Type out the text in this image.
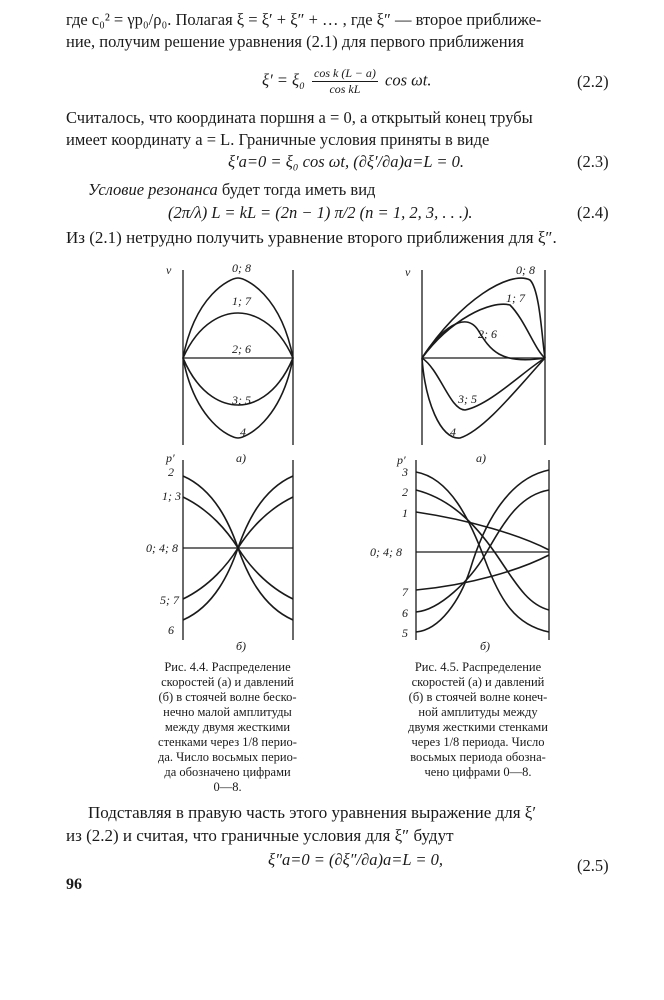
где c₀² = γp₀/ρ₀. Полагая ξ = ξ′ + ξ″ + … , где ξ″ — второе приближе-
ние, получим решение уравнения (2.1) для первого приближения
$\xi' = \xi_0 \frac{\text{cos k (L − a)}}{\text{cos kL}}$ cos ωt.	(2.2)
Считалось, что координата поршня a = 0, а открытый конец трубы
имеет координату a = L. Граничные условия приняты в виде
ξ′a=0 = ξ₀ cos ωt, (∂ξ′/∂a)a=L = 0.	(2.3)
Условие резонанса будет тогда иметь вид
(2π/λ) L = kL = (2n − 1) π/2 (n = 1, 2, 3, . . .).	(2.4)
Из (2.1) нетрудно получить уравнение второго приближения для ξ″.
v	0; 8
1; 7
2; 6
3; 5
4
а)
p′
2
1; 3
0; 4; 8
5; 7
6
б)
v	0; 8
1; 7
2; 6
3; 5
4
а)
p′
3
2
1
0; 4; 8
7
6
5
б)
Рис. 4.4. Распределение
скоростей (а) и давлений
(б) в стоячей волне беско-
нечно малой амплитуды
между двумя жесткими
стенками через 1/8 перио-
да. Число восьмых перио-
да обозначено цифрами
0—8.
Рис. 4.5. Распределение
скоростей (а) и давлений
(б) в стоячей волне конеч-
ной амплитуды между
двумя жесткими стенками
через 1/8 периода. Число
восьмых периода обозна-
чено цифрами 0—8.
Подставляя в правую часть этого уравнения выражение для ξ′
из (2.2) и считая, что граничные условия для ξ″ будут
ξ″a=0 = (∂ξ″/∂a)a=L = 0,	(2.5)
96
